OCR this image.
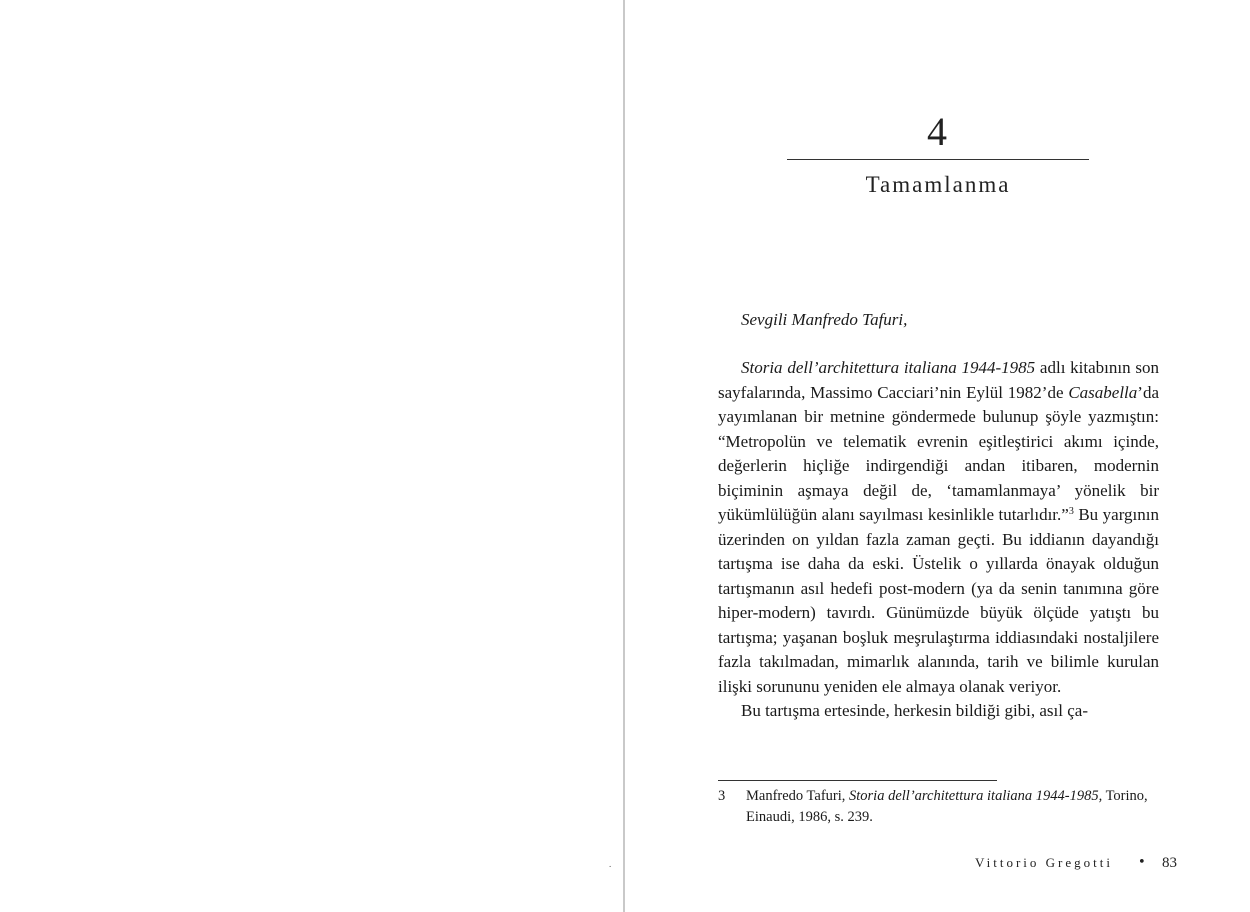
.
4
Tamamlanma
Sevgili Manfredo Tafuri,

Storia dell’architettura italiana 1944-1985 adlı kitabının son sayfalarında, Massimo Cacciari’nin Eylül 1982’de Casabella’da yayımlanan bir metnine göndermede bulunup şöyle yazmıştın: “Metropolün ve telematik evrenin eşitleştirici akımı içinde, değerlerin hiçliğe indirgendiği andan itibaren, modernin biçiminin aşmaya değil de, ‘tamamlanmaya’ yönelik bir yükümlülüğün alanı sayılması kesinlikle tutarlıdır.”$^3$ Bu yargının üzerinden on yıldan fazla zaman geçti. Bu iddianın dayandığı tartışma ise daha da eski. Üstelik o yıllarda önayak olduğun tartışmanın asıl hedefi post-modern (ya da senin tanımına göre hiper-modern) tavırdı. Günümüzde büyük ölçüde yatıştı bu tartışma; yaşanan boşluk meşrulaştırma iddiasındaki nostaljilere fazla takılmadan, mimarlık alanında, tarih ve bilimle kurulan ilişki sorununu yeniden ele almaya olanak veriyor.

Bu tartışma ertesinde, herkesin bildiği gibi, asıl ça-

3 Manfredo Tafuri, Storia dell’architettura italiana 1944-1985, Torino, Einaudi, 1986, s. 239.
Vittorio Gregotti • 83
